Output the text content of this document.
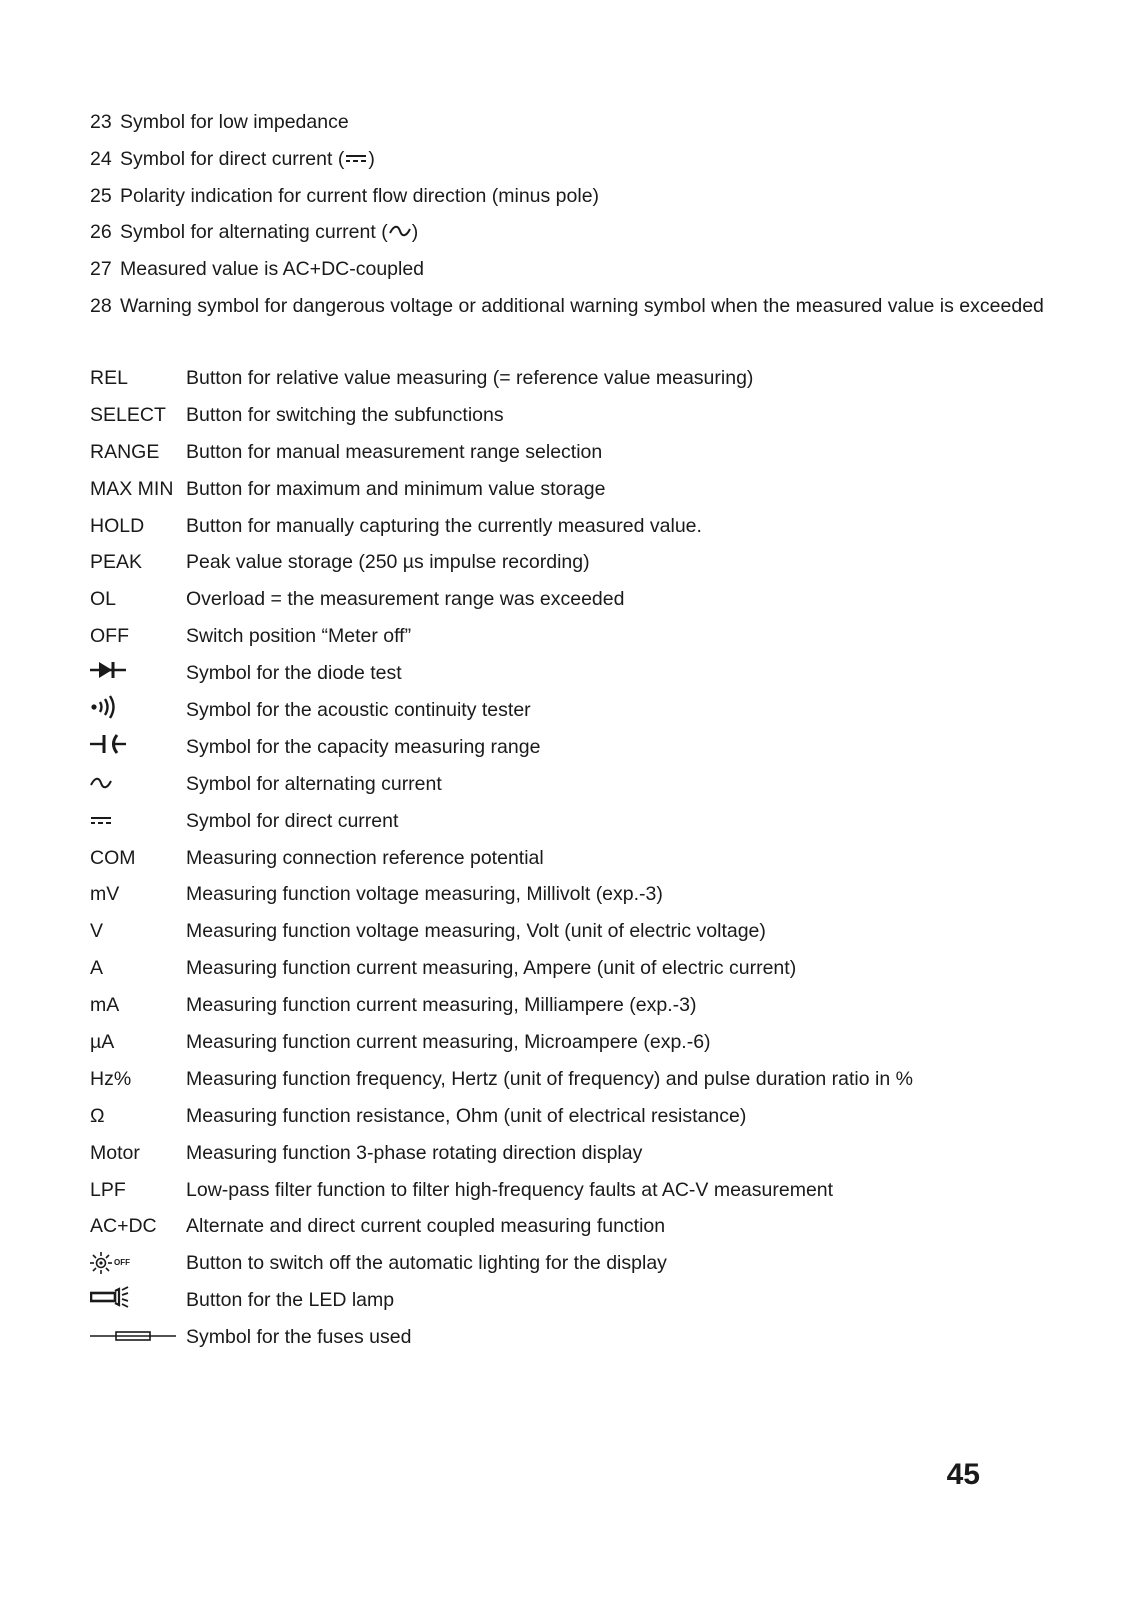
23 Symbol for low impedance
24 Symbol for direct current ( )
25 Polarity indication for current flow direction (minus pole)
26 Symbol for alternating current ( )
27 Measured value is AC+DC-coupled
28 Warning symbol for dangerous voltage or additional warning symbol when the measured value is exceeded
REL	Button for relative value measuring (= reference value measuring)
SELECT	Button for switching the subfunctions
RANGE	Button for manual measurement range selection
MAX MIN Button for maximum and minimum value storage
HOLD	Button for manually capturing the currently measured value.
PEAK	Peak value storage (250 µs impulse recording)
OL	Overload = the measurement range was exceeded
OFF	Switch position “Meter off”
Symbol for the diode test
Symbol for the acoustic continuity tester
Symbol for the capacity measuring range
Symbol for alternating current
Symbol for direct current
COM	Measuring connection reference potential
mV	Measuring function voltage measuring, Millivolt (exp.-3)
V	Measuring function voltage measuring, Volt (unit of electric voltage)
A	Measuring function current measuring, Ampere (unit of electric current)
mA	Measuring function current measuring, Milliampere (exp.-3)
µA	Measuring function current measuring, Microampere (exp.-6)
Hz%	Measuring function frequency, Hertz (unit of frequency) and pulse duration ratio in %
Ω	Measuring function resistance, Ohm (unit of electrical resistance)
Motor	Measuring function 3-phase rotating direction display
LPF	Low-pass filter function to filter high-frequency faults at AC-V measurement
AC+DC	Alternate and direct current coupled measuring function
OFF	Button to switch off the automatic lighting for the display
Button for the LED lamp
Symbol for the fuses used
45
